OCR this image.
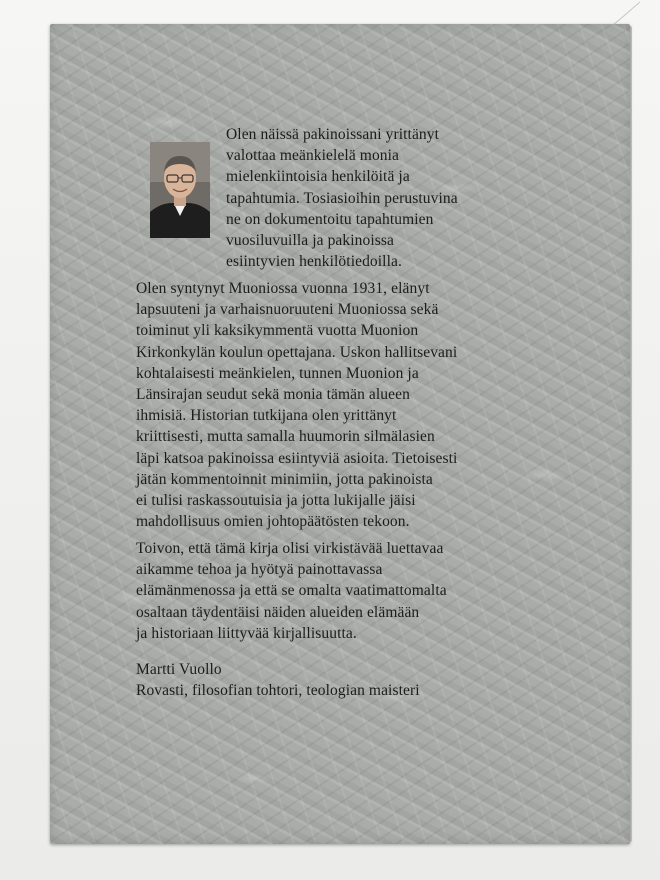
Olen näissä pakinoissani yrittänyt
valottaa meänkielelä monia
mielenkiintoisia henkilöitä ja
tapahtumia. Tosiasioihin perustuvina
ne on dokumentoitu tapahtumien
vuosiluvuilla ja pakinoissa
esiintyvien henkilötiedoilla.
Olen syntynyt Muoniossa vuonna 1931, elänyt
lapsuuteni ja varhaisnuoruuteni Muoniossa sekä
toiminut yli kaksikymmentä vuotta Muonion
Kirkonkylän koulun opettajana. Uskon hallitsevani
kohtalaisesti meänkielen, tunnen Muonion ja
Länsirajan seudut sekä monia tämän alueen
ihmisiä. Historian tutkijana olen yrittänyt
kriittisesti, mutta samalla huumorin silmälasien
läpi katsoa pakinoissa esiintyviä asioita. Tietoisesti
jätän kommentoinnit minimiin, jotta pakinoista
ei tulisi raskassoutuisia ja jotta lukijalle jäisi
mahdollisuus omien johtopäätösten tekoon.
Toivon, että tämä kirja olisi virkistävää luettavaa
aikamme tehoa ja hyötyä painottavassa
elämänmenossa ja että se omalta vaatimattomalta
osaltaan täydentäisi näiden alueiden elämään
ja historiaan liittyvää kirjallisuutta.
Martti Vuollo
Rovasti, filosofian tohtori, teologian maisteri
